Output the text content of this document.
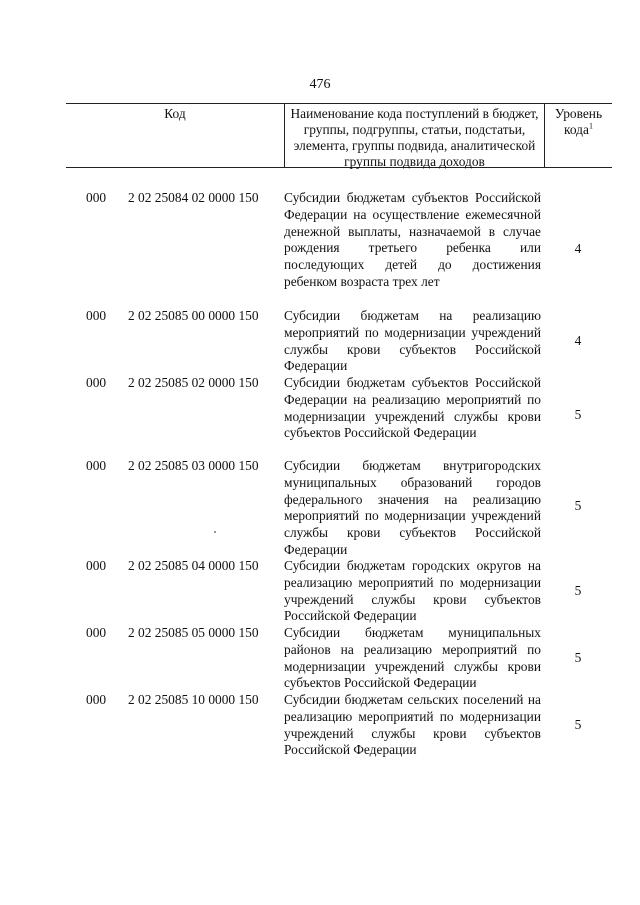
476
Код	Наименование кода поступлений в бюджет, группы, подгруппы, статьи, подстатьи, элемента, группы подвида, аналитической группы подвида доходов
Уровень кода$^1$
000 2 02 25084 02 0000 150 Субсидии бюджетам субъектов Российской Федерации на осуществление ежемесячной денежной выплаты, назначаемой в случае рождения третьего ребенка или последующих детей до достижения ребенком возраста трех лет
4
000 2 02 25085 00 0000 150 Субсидии бюджетам на реализацию мероприятий по модернизации учреждений службы крови субъектов Российской Федерации
4
000 2 02 25085 02 0000 150 Субсидии бюджетам субъектов Российской Федерации на реализацию мероприятий по модернизации учреждений службы крови субъектов Российской Федерации
5
000 2 02 25085 03 0000 150 Субсидии бюджетам внутригородских муниципальных образований городов федерального значения на реализацию мероприятий по модернизации учреждений службы крови субъектов Российской Федерации
5
000 2 02 25085 04 0000 150 Субсидии бюджетам городских округов на реализацию мероприятий по модернизации учреждений службы крови субъектов Российской Федерации
5
000 2 02 25085 05 0000 150 Субсидии бюджетам муниципальных районов на реализацию мероприятий по модернизации учреждений службы крови субъектов Российской Федерации
5
000 2 02 25085 10 0000 150 Субсидии бюджетам сельских поселений на реализацию мероприятий по модернизации учреждений службы крови субъектов Российской Федерации
5
